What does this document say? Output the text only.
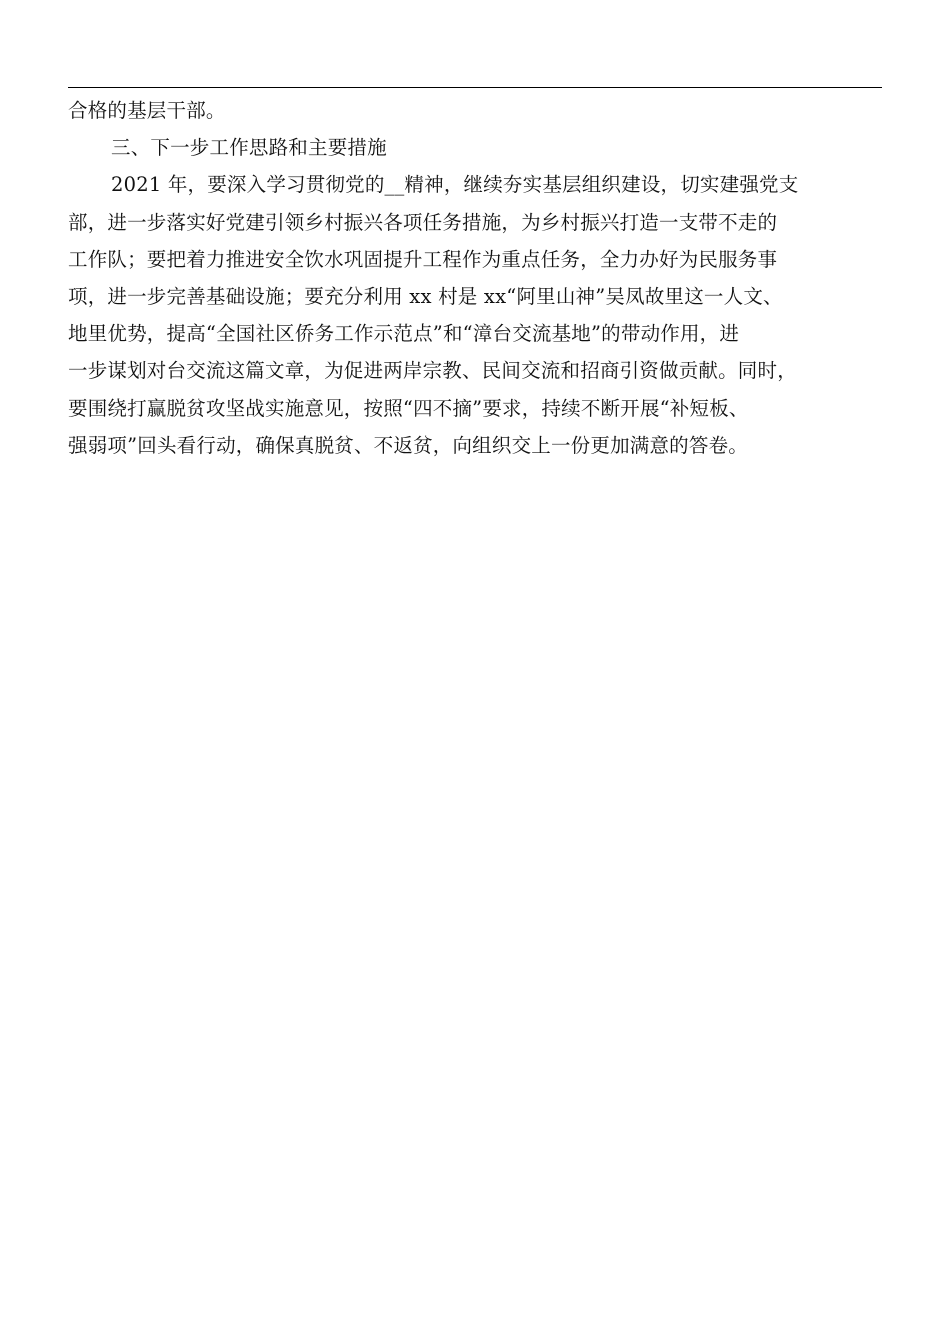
合格的基层干部。
三、下一步工作思路和主要措施
2021 年，要深入学习贯彻党的__精神，继续夯实基层组织建设，切实建强党支
部，进一步落实好党建引领乡村振兴各项任务措施，为乡村振兴打造一支带不走的
工作队；要把着力推进安全饮水巩固提升工程作为重点任务，全力办好为民服务事
项，进一步完善基础设施；要充分利用 xx 村是 xx“阿里山神”吴凤故里这一人文、
地里优势，提高“全国社区侨务工作示范点”和“漳台交流基地”的带动作用，进
一步谋划对台交流这篇文章，为促进两岸宗教、民间交流和招商引资做贡献。同时，
要围绕打赢脱贫攻坚战实施意见，按照“四不摘”要求，持续不断开展“补短板、
强弱项”回头看行动，确保真脱贫、不返贫，向组织交上一份更加满意的答卷。
